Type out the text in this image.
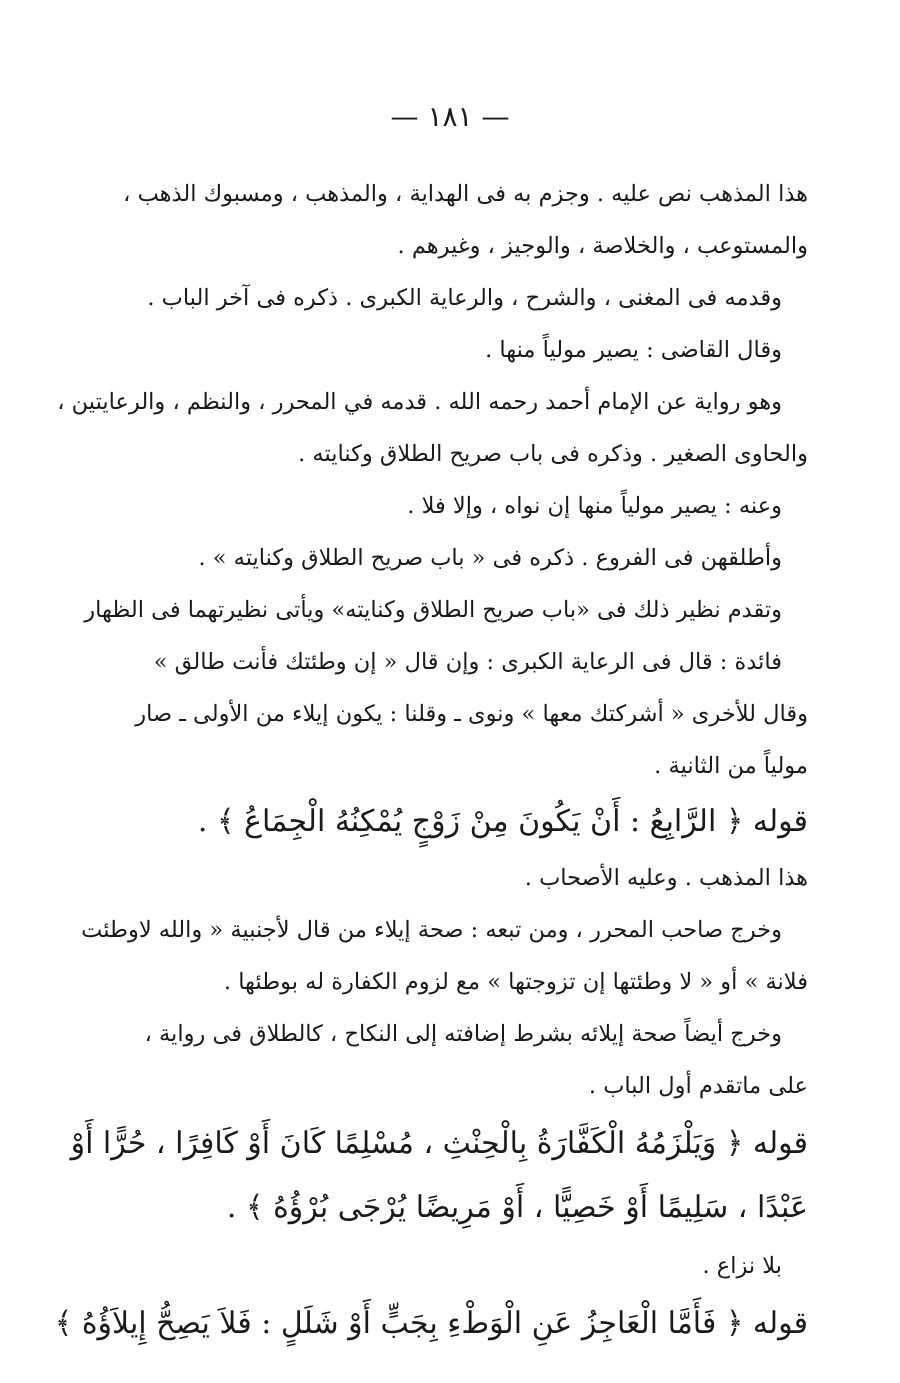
— ١٨١ —
هذا المذهب نص عليه . وجزم به فى الهداية ، والمذهب ، ومسبوك الذهب ،
والمستوعب ، والخلاصة ، والوجيز ، وغيرهم .
وقدمه فى المغنى ، والشرح ، والرعاية الكبرى . ذكره فى آخر الباب .
وقال القاضى : يصير مولياً منها .
وهو رواية عن الإمام أحمد رحمه الله . قدمه في المحرر ، والنظم ، والرعايتين ،
والحاوى الصغير . وذكره فى باب صريح الطلاق وكنايته .
وعنه : يصير مولياً منها إن نواه ، وإلا فلا .
وأطلقهن فى الفروع . ذكره فى « باب صريح الطلاق وكنايته » .
وتقدم نظير ذلك فى «باب صريح الطلاق وكنايته» ويأتى نظيرتهما فى الظهار
فائدة : قال فى الرعاية الكبرى : وإن قال « إن وطئتك فأنت طالق »
وقال للأخرى « أشركتك معها » ونوى ـ وقلنا : يكون إيلاء من الأولى ـ صار
مولياً من الثانية .
قوله ﴿ الرَّابِعُ : أَنْ يَكُونَ مِنْ زَوْجٍ يُمْكِنُهُ الْجِمَاعُ ﴾ .
هذا المذهب . وعليه الأصحاب .
وخرج صاحب المحرر ، ومن تبعه : صحة إيلاء من قال لأجنبية « والله لاوطئت
فلانة » أو « لا وطئتها إن تزوجتها » مع لزوم الكفارة له بوطئها .
وخرج أيضاً صحة إيلائه بشرط إضافته إلى النكاح ، كالطلاق فى رواية ،
على ماتقدم أول الباب .
قوله ﴿ وَيَلْزَمُهُ الْكَفَّارَةُ بِالْحِنْثِ ، مُسْلِمًا كَانَ أَوْ كَافِرًا ، حُرًّا أَوْ
عَبْدًا ، سَلِيمًا أَوْ خَصِيًّا ، أَوْ مَرِيضًا يُرْجَى بُرْؤُهُ ﴾ .
بلا نزاع .
قوله ﴿ فَأَمَّا الْعَاجِزُ عَنِ الْوَطْءِ بِجَبٍّ أَوْ شَلَلٍ : فَلاَ يَصِحُّ إِيلاَؤُهُ ﴾
